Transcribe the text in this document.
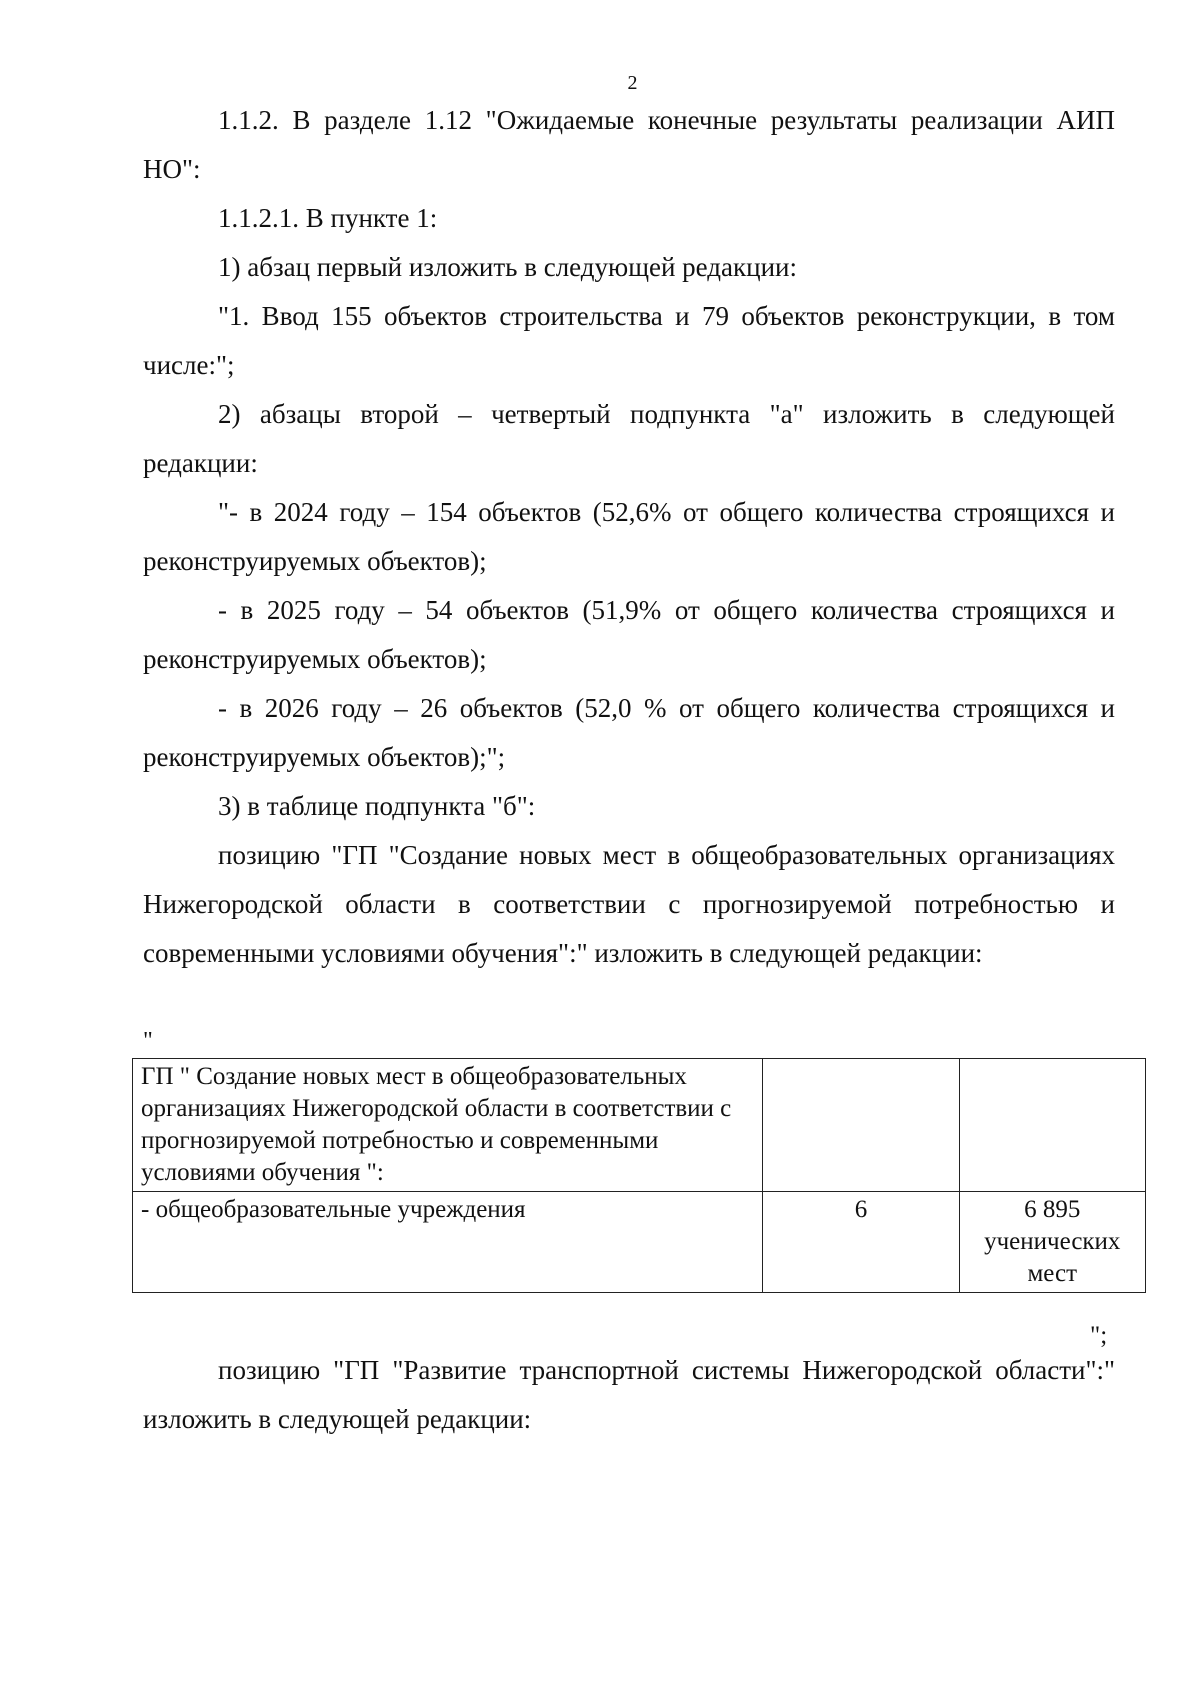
2

1.1.2. В разделе 1.12 "Ожидаемые конечные результаты реализации АИП НО":

1.1.2.1. В пункте 1:

1) абзац первый изложить в следующей редакции:

"1. Ввод 155 объектов строительства и 79 объектов реконструкции, в том числе:";

2) абзацы второй – четвертый подпункта "а" изложить в следующей редакции:

"- в 2024 году – 154 объектов (52,6% от общего количества строящихся и реконструируемых объектов);

- в 2025 году – 54 объектов (51,9% от общего количества строящихся и реконструируемых объектов);

- в 2026 году – 26 объектов (52,0 % от общего количества строящихся и реконструируемых объектов);";

3) в таблице подпункта "б":

позицию "ГП "Создание новых мест в общеобразовательных организациях Нижегородской области в соответствии с прогнозируемой потребностью и современными условиями обучения":" изложить в следующей редакции:

"
ГП " Создание новых мест в общеобразовательных организациях Нижегородской области в соответствии с прогнозируемой потребностью и современными условиями обучения ":		
- общеобразовательные учреждения	6	6 895 ученических мест
";

позицию "ГП "Развитие транспортной системы Нижегородской области":" изложить в следующей редакции:
